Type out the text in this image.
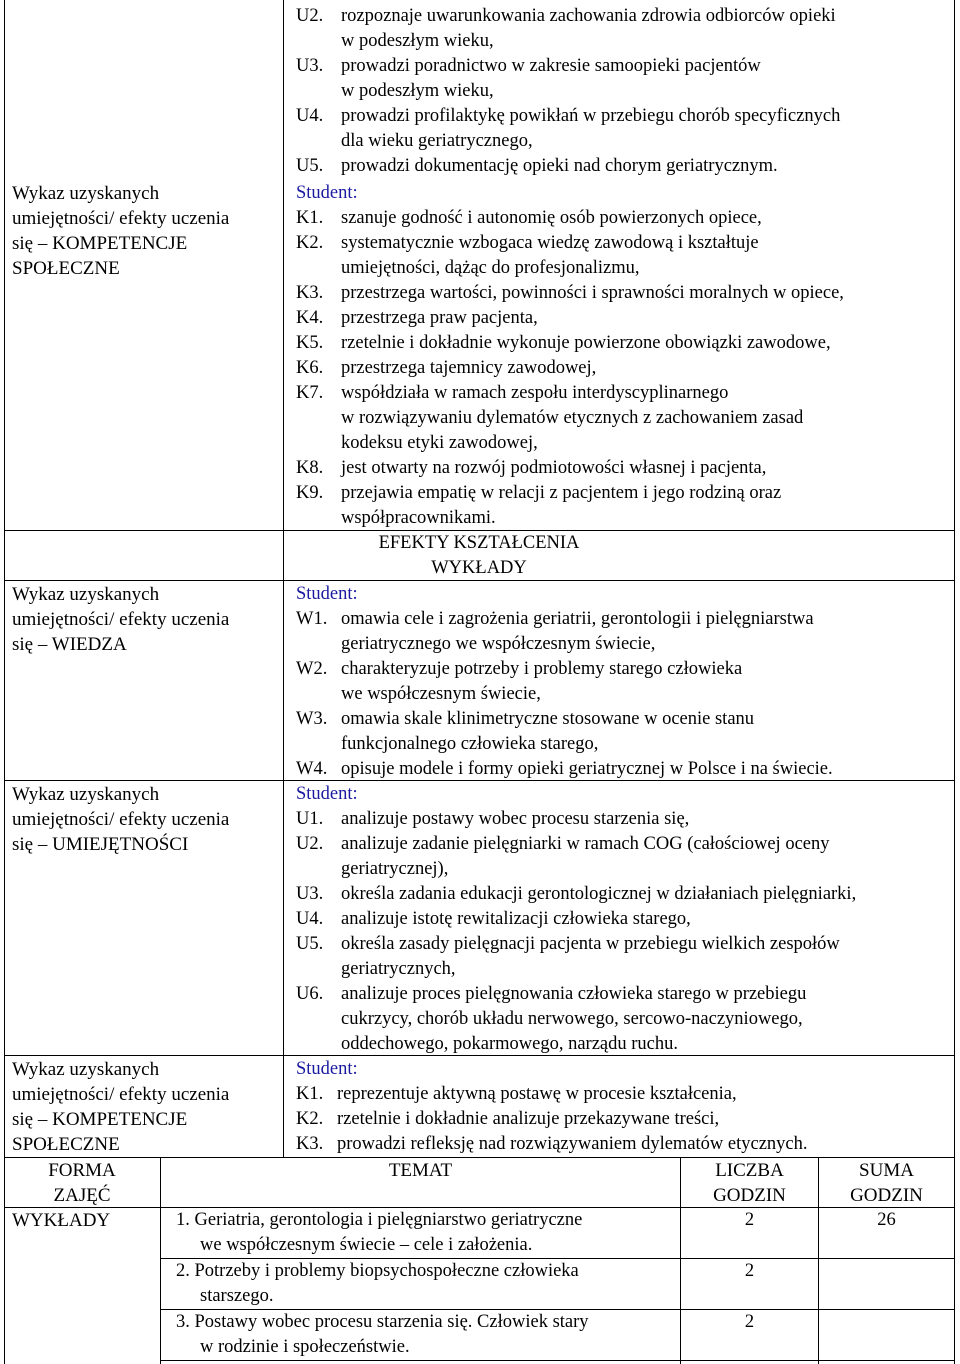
U2. rozpoznaje uwarunkowania zachowania zdrowia odbiorców opieki
w podeszłym wieku,
U3. prowadzi poradnictwo w zakresie samoopieki pacjentów
w podeszłym wieku,
U4. prowadzi profilaktykę powikłań w przebiegu chorób specyficznych
dla wieku geriatrycznego,
U5. prowadzi dokumentację opieki nad chorym geriatrycznym.
Wykaz uzyskanych
umiejętności/ efekty uczenia
się – KOMPETENCJE
SPOŁECZNE
Student:
K1. szanuje godność i autonomię osób powierzonych opiece,
K2. systematycznie wzbogaca wiedzę zawodową i kształtuje
umiejętności, dążąc do profesjonalizmu,
K3. przestrzega wartości, powinności i sprawności moralnych w opiece,
K4. przestrzega praw pacjenta,
K5. rzetelnie i dokładnie wykonuje powierzone obowiązki zawodowe,
K6. przestrzega tajemnicy zawodowej,
K7. współdziała w ramach zespołu interdyscyplinarnego
w rozwiązywaniu dylematów etycznych z zachowaniem zasad
kodeksu etyki zawodowej,
K8. jest otwarty na rozwój podmiotowości własnej i pacjenta,
K9. przejawia empatię w relacji z pacjentem i jego rodziną oraz
współpracownikami.
EFEKTY KSZTAŁCENIA
WYKŁADY
Wykaz uzyskanych
umiejętności/ efekty uczenia
się – WIEDZA
Student:
W1. omawia cele i zagrożenia geriatrii, gerontologii i pielęgniarstwa
geriatrycznego we współczesnym świecie,
W2. charakteryzuje potrzeby i problemy starego człowieka
we współczesnym świecie,
W3. omawia skale klinimetryczne stosowane w ocenie stanu
funkcjonalnego człowieka starego,
W4. opisuje modele i formy opieki geriatrycznej w Polsce i na świecie.
Wykaz uzyskanych
umiejętności/ efekty uczenia
się – UMIEJĘTNOŚCI
Student:
U1. analizuje postawy wobec procesu starzenia się,
U2. analizuje zadanie pielęgniarki w ramach COG (całościowej oceny
geriatrycznej),
U3. określa zadania edukacji gerontologicznej w działaniach pielęgniarki,
U4. analizuje istotę rewitalizacji człowieka starego,
U5. określa zasady pielęgnacji pacjenta w przebiegu wielkich zespołów
geriatrycznych,
U6. analizuje proces pielęgnowania człowieka starego w przebiegu
cukrzycy, chorób układu nerwowego, sercowo-naczyniowego,
oddechowego, pokarmowego, narządu ruchu.
Wykaz uzyskanych
umiejętności/ efekty uczenia
się – KOMPETENCJE
SPOŁECZNE
Student:
K1. reprezentuje aktywną postawę w procesie kształcenia,
K2. rzetelnie i dokładnie analizuje przekazywane treści,
K3. prowadzi refleksję nad rozwiązywaniem dylematów etycznych.
FORMA
ZAJĘĆ
TEMAT	LICZBA
GODZIN
SUMA
GODZIN
WYKŁADY	26
1. Geriatria, gerontologia i pielęgniarstwo geriatryczne
we współczesnym świecie – cele i założenia.
2
2. Potrzeby i problemy biopsychospołeczne człowieka
starszego.
2
3. Postawy wobec procesu starzenia się. Człowiek stary
w rodzinie i społeczeństwie.
2
